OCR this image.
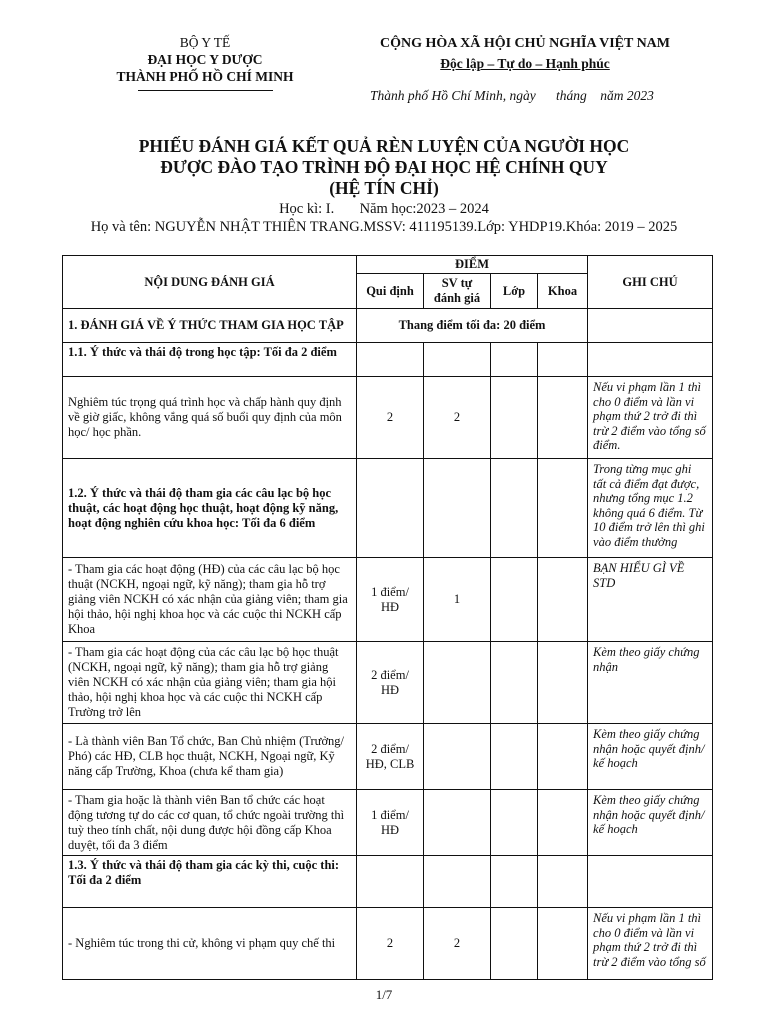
BỘ Y TẾ
ĐẠI HỌC Y DƯỢC
THÀNH PHỐ HỒ CHÍ MINH
CỘNG HÒA XÃ HỘI CHỦ NGHĨA VIỆT NAM
Độc lập – Tự do – Hạnh phúc
Thành phố Hồ Chí Minh, ngày      tháng    năm 2023
PHIẾU ĐÁNH GIÁ KẾT QUẢ RÈN LUYỆN CỦA NGƯỜI HỌC
ĐƯỢC ĐÀO TẠO TRÌNH ĐỘ ĐẠI HỌC HỆ CHÍNH QUY
(HỆ TÍN CHỈ)
Học kì: I.       Năm học:2023 – 2024
Họ và tên: NGUYỄN NHẬT THIÊN TRANG.MSSV: 411195139.Lớp: YHDP19.Khóa: 2019 – 2025
NỘI DUNG ĐÁNH GIÁ	ĐIỂM				GHI CHÚ
	Qui định	SV tự đánh giá	Lớp	Khoa	
1. ĐÁNH GIÁ VỀ Ý THỨC THAM GIA HỌC TẬP	Thang điểm tối đa: 20 điểm				
1.1. Ý thức và thái độ trong học tập: Tối đa 2 điểm					
Nghiêm túc trọng quá trình học và chấp hành quy định về giờ giấc, không vắng quá số buổi quy định của môn học/ học phần.	2	2			Nếu vi phạm lần 1 thì cho 0 điểm và lần vi phạm thứ 2 trở đi thì trừ 2 điểm vào tổng số điểm.
1.2. Ý thức và thái độ tham gia các câu lạc bộ học thuật, các hoạt động học thuật, hoạt động kỹ năng, hoạt động nghiên cứu khoa học: Tối đa 6 điểm					Trong từng mục ghi tất cả điểm đạt được, nhưng tổng mục 1.2 không quá 6 điểm. Từ 10 điểm trở lên thì ghi vào điểm thưởng
- Tham gia các hoạt động (HĐ) của các câu lạc bộ học thuật (NCKH, ngoại ngữ, kỹ năng); tham gia hỗ trợ giảng viên NCKH có xác nhận của giảng viên; tham gia hội thảo, hội nghị khoa học và các cuộc thi NCKH cấp Khoa	1 điểm/ HĐ	1			BẠN HIỂU GÌ VỀ STD
- Tham gia các hoạt động của các câu lạc bộ học thuật (NCKH, ngoại ngữ, kỹ năng); tham gia hỗ trợ giảng viên NCKH có xác nhận của giảng viên; tham gia hội thảo, hội nghị khoa học và các cuộc thi NCKH cấp Trường trở lên	2 điểm/ HĐ				Kèm theo giấy chứng nhận
- Là thành viên Ban Tổ chức, Ban Chủ nhiệm (Trưởng/ Phó) các HĐ, CLB học thuật, NCKH, Ngoại ngữ, Kỹ năng cấp Trường, Khoa (chưa kể tham gia)	2 điểm/ HĐ, CLB				Kèm theo giấy chứng nhận hoặc quyết định/ kế hoạch
- Tham gia hoặc là thành viên Ban tổ chức các hoạt động tương tự do các cơ quan, tổ chức ngoài trường thì tuỳ theo tính chất, nội dung được hội đồng cấp Khoa duyệt, tối đa 3 điểm	1 điểm/ HĐ				Kèm theo giấy chứng nhận hoặc quyết định/ kế hoạch
1.3. Ý thức và thái độ tham gia các kỳ thi, cuộc thi: Tối đa 2 điểm					
- Nghiêm túc trong thi cử, không vi phạm quy chế thi	2	2			Nếu vi phạm lần 1 thì cho 0 điểm và lần vi phạm thứ 2 trở đi thì trừ 2 điểm vào tổng số
1/7
